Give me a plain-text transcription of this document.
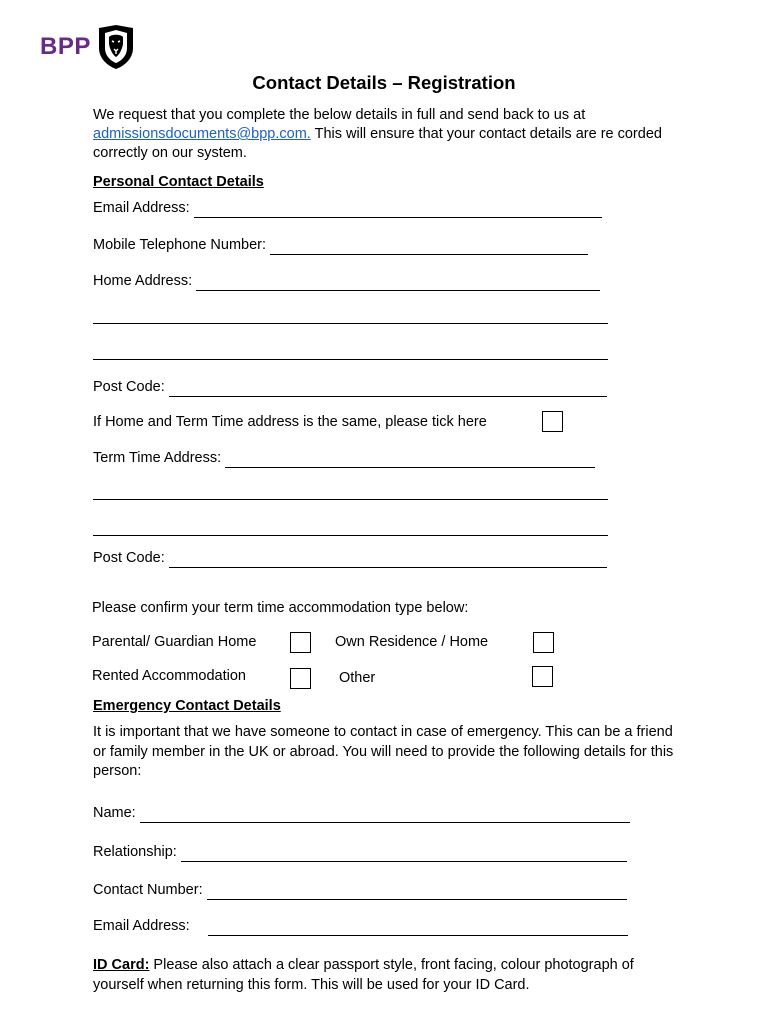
BPP
Contact Details – Registration
We request that you complete the below details in full and send back to us at
admissionsdocuments@bpp.com. This will ensure that your contact details are re corded correctly on our system.
Personal Contact Details
Email Address:
Mobile Telephone Number:
Home Address:
Post Code:
If Home and Term Time address is the same, please tick here
Term Time Address:
Post Code:
Please confirm your term time accommodation type below:
Parental/ Guardian Home	Own Residence / Home
Rented Accommodation	Other
Emergency Contact Details
It is important that we have someone to contact in case of emergency. This can be a friend or family member in the UK or abroad. You will need to provide the following details for this person:
Name:
Relationship:
Contact Number:
Email Address:
ID Card: Please also attach a clear passport style, front facing, colour photograph of yourself when returning this form. This will be used for your ID Card.
